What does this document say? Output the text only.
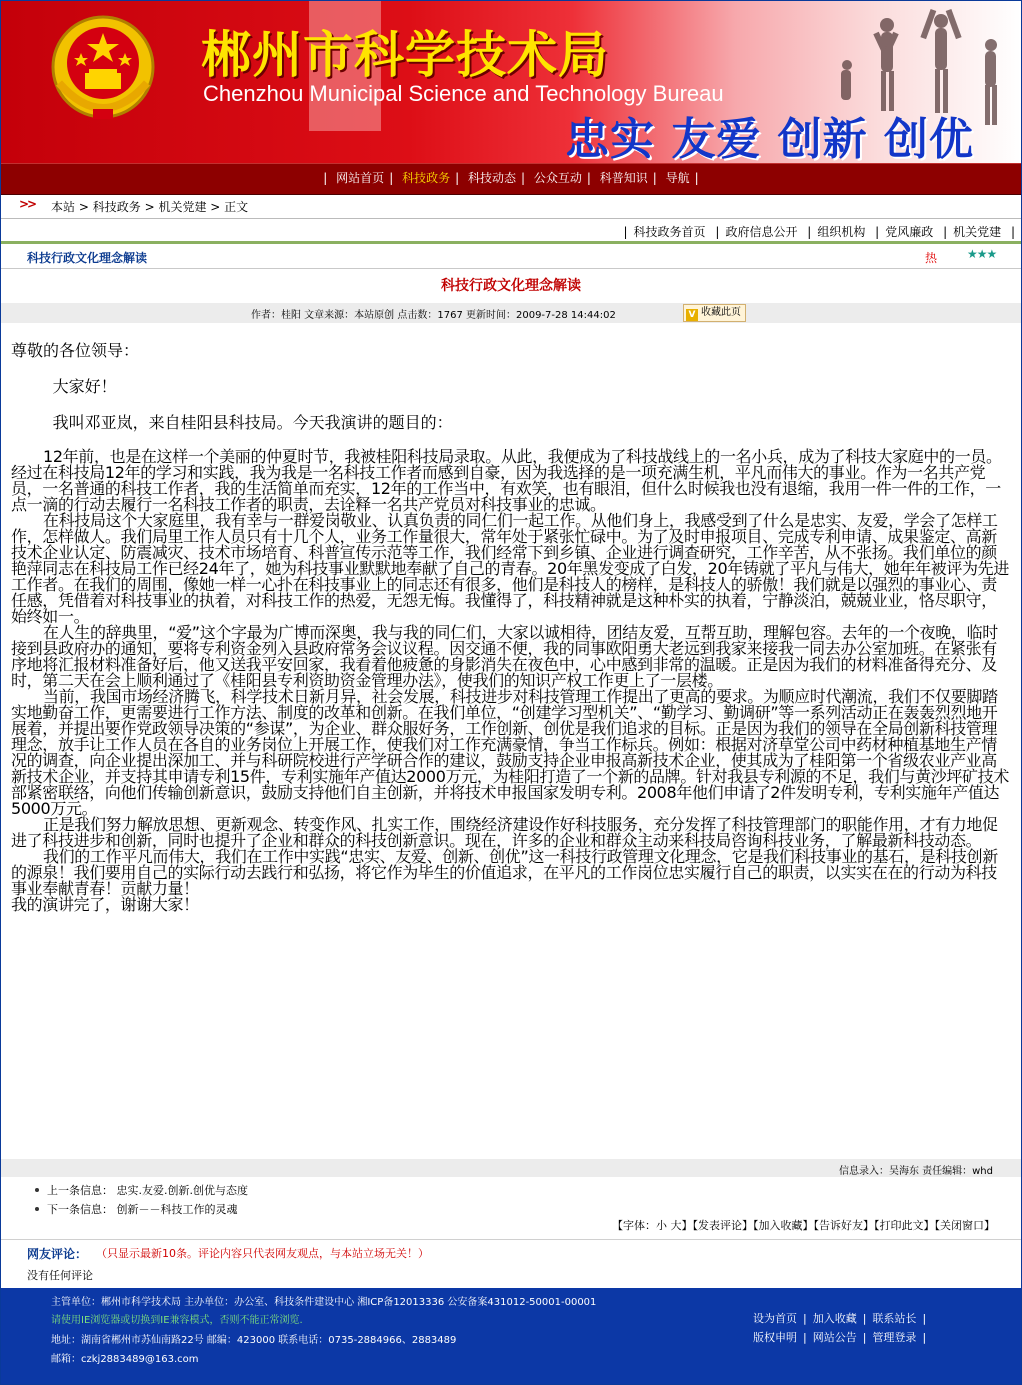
郴州市科学技术局
Chenzhou Municipal Science and Technology Bureau
忠实 友爱 创新 创优
| 网站首页 | 科技政务 | 科技动态 | 公众互动 | 科普知识 | 导航 |
>> 本站 > 科技政务 > 机关党建 > 正文
| 科技政务首页 | 政府信息公开 | 组织机构 | 党风廉政 | 机关党建 |
科技行政文化理念解读	热 ★★★
科技行政文化理念解读
作者：桂阳 文章来源：本站原创 点击数：1767 更新时间：2009-7-28 14:44:02	V 收藏此页

尊敬的各位领导：

大家好！

我叫邓亚岚，来自桂阳县科技局。今天我演讲的题目的：

12年前，也是在这样一个美丽的仲夏时节，我被桂阳科技局录取。从此，我便成为了科技战线上的一名小兵，成为了科技大家庭中的一员。经过在科技局12年的学习和实践，我为我是一名科技工作者而感到自豪，因为我选择的是一项充满生机，平凡而伟大的事业。作为一名共产党员，一名普通的科技工作者，我的生活简单而充实，12年的工作当中，有欢笑，也有眼泪，但什么时候我也没有退缩，我用一件一件的工作，一点一滴的行动去履行一名科技工作者的职责，去诠释一名共产党员对科技事业的忠诚。

在科技局这个大家庭里，我有幸与一群爱岗敬业、认真负责的同仁们一起工作。从他们身上，我感受到了什么是忠实、友爱，学会了怎样工作，怎样做人。我们局里工作人员只有十几个人，业务工作量很大，常年处于紧张忙碌中。为了及时申报项目、完成专利申请、成果鉴定、高新技术企业认定、防震减灾、技术市场培育、科普宣传示范等工作，我们经常下到乡镇、企业进行调查研究，工作辛苦，从不张扬。我们单位的颜艳萍同志在科技局工作已经24年了，她为科技事业默默地奉献了自己的青春。20年黑发变成了白发，20年铸就了平凡与伟大，她年年被评为先进工作者。在我们的周围，像她一样一心扑在科技事业上的同志还有很多，他们是科技人的榜样，是科技人的骄傲！我们就是以强烈的事业心、责任感，凭借着对科技事业的执着，对科技工作的热爱，无怨无悔。我懂得了，科技精神就是这种朴实的执着，宁静淡泊，兢兢业业，恪尽职守，始终如一。

在人生的辞典里，“爱”这个字最为广博而深奥，我与我的同仁们，大家以诚相待，团结友爱，互帮互助，理解包容。去年的一个夜晚，临时接到县政府办的通知，要将专利资金列入县政府常务会议议程。因交通不便，我的同事欧阳勇大老远到我家来接我一同去办公室加班。在紧张有序地将汇报材料准备好后，他又送我平安回家，我看着他疲惫的身影消失在夜色中，心中感到非常的温暖。正是因为我们的材料准备得充分、及时，第二天在会上顺利通过了《桂阳县专利资助资金管理办法》，使我们的知识产权工作更上了一层楼。

当前，我国市场经济腾飞，科学技术日新月异，社会发展，科技进步对科技管理工作提出了更高的要求。为顺应时代潮流，我们不仅要脚踏实地勤奋工作，更需要进行工作方法、制度的改革和创新。在我们单位，“创建学习型机关”、“勤学习、勤调研”等一系列活动正在轰轰烈烈地开展着，并提出要作党政领导决策的“参谋”，为企业、群众服好务，工作创新、创优是我们追求的目标。正是因为我们的领导在全局创新科技管理理念，放手让工作人员在各自的业务岗位上开展工作，使我们对工作充满豪情，争当工作标兵。例如：根据对济草堂公司中药材种植基地生产情况的调查，向企业提出深加工、并与科研院校进行产学研合作的建议，鼓励支持企业申报高新技术企业，使其成为了桂阳第一个省级农业产业高新技术企业，并支持其申请专利15件，专利实施年产值达2000万元，为桂阳打造了一个新的品牌。针对我县专利源的不足，我们与黄沙坪矿技术部紧密联络，向他们传输创新意识，鼓励支持他们自主创新，并将技术申报国家发明专利。2008年他们申请了2件发明专利，专利实施年产值达5000万元。

正是我们努力解放思想、更新观念、转变作风、扎实工作，围绕经济建设作好科技服务，充分发挥了科技管理部门的职能作用，才有力地促进了科技进步和创新，同时也提升了企业和群众的科技创新意识。现在，许多的企业和群众主动来科技局咨询科技业务，了解最新科技动态。

我们的工作平凡而伟大，我们在工作中实践“忠实、友爱、创新、创优”这一科技行政管理文化理念，它是我们科技事业的基石，是科技创新的源泉！我们要用自己的实际行动去践行和弘扬，将它作为毕生的价值追求，在平凡的工作岗位忠实履行自己的职责，以实实在在的行动为科技事业奉献青春！贡献力量！

我的演讲完了，谢谢大家！

信息录入：吴海东 责任编辑：whd
上一条信息： 忠实.友爱.创新.创优与态度
下一条信息： 创新－－科技工作的灵魂
【字体：小 大】【发表评论】【加入收藏】【告诉好友】【打印此文】【关闭窗口】
网友评论： （只显示最新10条。评论内容只代表网友观点，与本站立场无关！）
没有任何评论
主管单位：郴州市科学技术局 主办单位：办公室、科技条件建设中心 湘ICP备12013336 公安备案431012-50001-00001
请使用IE浏览器或切换到IE兼容模式，否则不能正常浏览.
地址：湖南省郴州市苏仙南路22号 邮编：423000 联系电话：0735-2884966、2883489
邮箱：czkj2883489@163.com
设为首页 | 加入收藏 | 联系站长 |
版权申明 | 网站公告 | 管理登录 |
